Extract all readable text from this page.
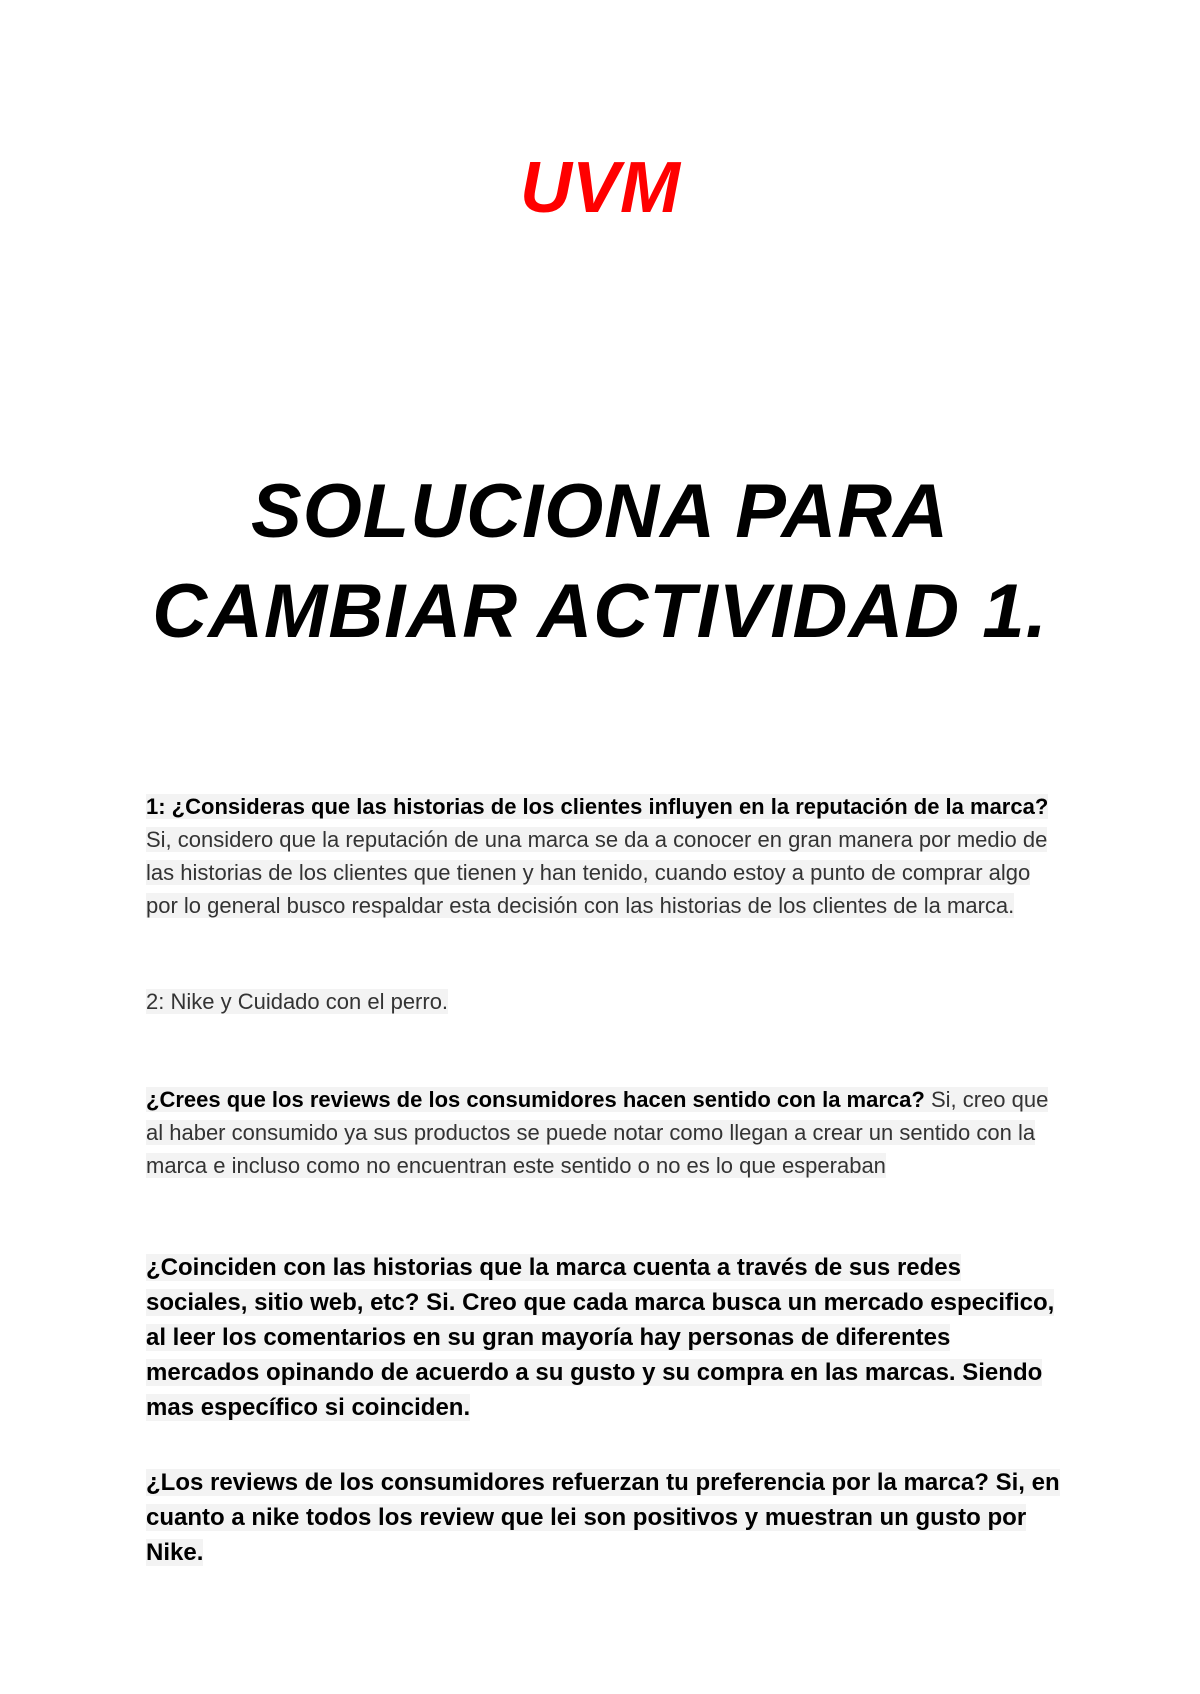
UVM
SOLUCIONA PARA
CAMBIAR ACTIVIDAD 1.
1: ¿Consideras que las historias de los clientes influyen en la reputación de la marca? Si, considero que la reputación de una marca se da a conocer en gran manera por medio de las historias de los clientes que tienen y han tenido, cuando estoy a punto de comprar algo por lo general busco respaldar esta decisión con las historias de los clientes de la marca.
2: Nike y Cuidado con el perro.
¿Crees que los reviews de los consumidores hacen sentido con la marca? Si, creo que al haber consumido ya sus productos se puede notar como llegan a crear un sentido con la marca e incluso como no encuentran este sentido o no es lo que esperaban
¿Coinciden con las historias que la marca cuenta a través de sus redes sociales, sitio web, etc? Si. Creo que cada marca busca un mercado especifico, al leer los comentarios en su gran mayoría hay personas de diferentes mercados opinando de acuerdo a su gusto y su compra en las marcas. Siendo mas específico si coinciden.
¿Los reviews de los consumidores refuerzan tu preferencia por la marca? Si, en cuanto a nike todos los review que lei son positivos y muestran un gusto por Nike.
